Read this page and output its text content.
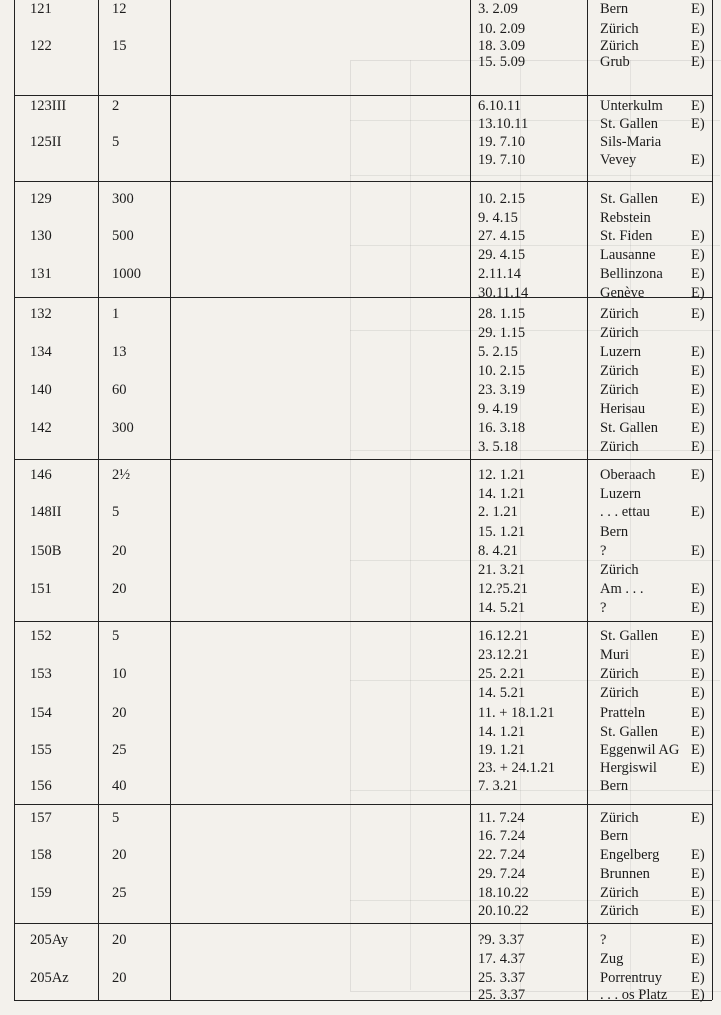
121	12	3. 2.09	Bern	E)
10. 2.09	Zürich	E)
122	15	18. 3.09	Zürich	E)
15. 5.09	Grub	E)
123III	2	6.10.11	Unterkulm E)
13.10.11	St. Gallen E)
125II	5	19. 7.10	Sils-Maria
19. 7.10	Vevey	E)
129	300	10. 2.15	St. Gallen E)
9. 4.15	Rebstein
130	500	27. 4.15	St. Fiden	E)
29. 4.15	Lausanne E)
131	1000	2.11.14	Bellinzona E)
30.11.14	Genève	E)
132	1	28. 1.15	Zürich	E)
29. 1.15	Zürich
134	13	5. 2.15	Luzern	E)
10. 2.15	Zürich	E)
140	60	23. 3.19	Zürich	E)
9. 4.19	Herisau	E)
142	300	16. 3.18	St. Gallen E)
3. 5.18	Zürich	E)
146	2½	12. 1.21	Oberaach E)
14. 1.21	Luzern
148II	5	2. 1.21	. . . ettau	E)
15. 1.21	Bern
150B	20	8. 4.21	?	E)
21. 3.21	Zürich
151	20	12.?5.21	Am . . .	E)
14. 5.21	?	E)
152	5	16.12.21	St. Gallen E)
23.12.21	Muri	E)
153	10	25. 2.21	Zürich	E)
14. 5.21	Zürich	E)
154	20	11. + 18.1.21	Pratteln	E)
14. 1.21	St. Gallen E)
155	25	19. 1.21	Eggenwil AG E)
23. + 24.1.21	Hergiswil E)
156	40	7. 3.21	Bern
157	5	11. 7.24	Zürich	E)
16. 7.24	Bern
158	20	22. 7.24	Engelberg E)
29. 7.24	Brunnen	E)
159	25	18.10.22	Zürich	E)
20.10.22	Zürich	E)
205Ay	20	?9. 3.37	?	E)
17. 4.37	Zug	E)
205Az	20	25. 3.37	Porrentruy E)
25. 3.37	. . . os Platz E)
